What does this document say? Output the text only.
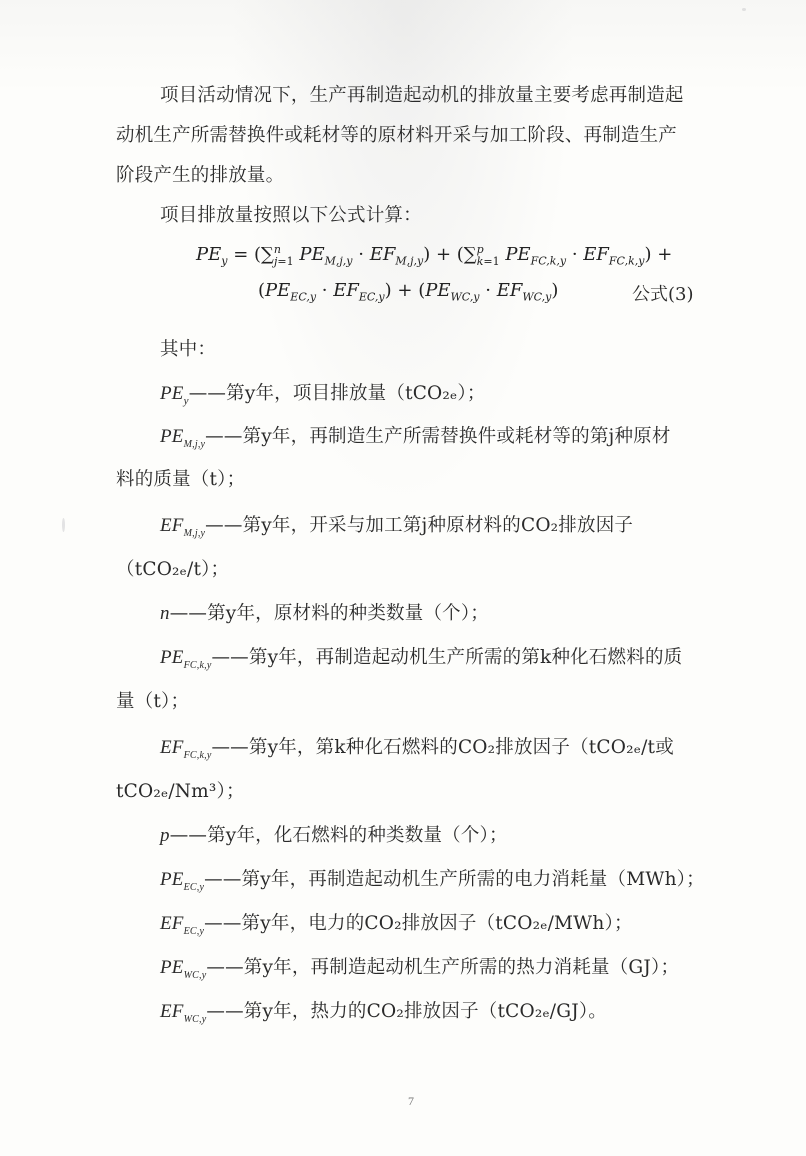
项目活动情况下，生产再制造起动机的排放量主要考虑再制造起
动机生产所需替换件或耗材等的原材料开采与加工阶段、再制造生产
阶段产生的排放量。
项目排放量按照以下公式计算：
$PE_y = (\sum^n_{j=1}$ $PE_{M,j,y} \cdot EF_{M,j,y}) + (\sum^p_{k=1}$ $PE_{FC,k,y} \cdot EF_{FC,k,y}$) +
$(PE_{EC,y} \cdot EF_{EC,y}) + (PE_{WC,y} \cdot EF_{WC,y})$	公式(3)
其中：
$PE_y——$第y年，项目排放量（tCO₂ₑ）；
$PE_{M,j,y}——$第y年，再制造生产所需替换件或耗材等的第j种原材
料的质量（t）；
$EF_{M,j,y}——$第y年，开采与加工第j种原材料的CO₂排放因子
（tCO₂ₑ/t）；
n——第y年，原材料的种类数量（个）；
$PE_{FC,k,y}——$第y年，再制造起动机生产所需的第k种化石燃料的质
量（t）；
$EF_{FC,k,y}——$第y年，第k种化石燃料的CO₂排放因子（tCO₂ₑ/t或
tCO₂ₑ/Nm³）；
p——第y年，化石燃料的种类数量（个）；
$PE_{EC,y}——$第y年，再制造起动机生产所需的电力消耗量（MWh）；
$EF_{EC,y}——$第y年，电力的CO₂排放因子（tCO₂ₑ/MWh）；
$PE_{WC,y}——$第y年，再制造起动机生产所需的热力消耗量（GJ）；
$EF_{WC,y}——$第y年，热力的CO₂排放因子（tCO₂ₑ/GJ）。
7
